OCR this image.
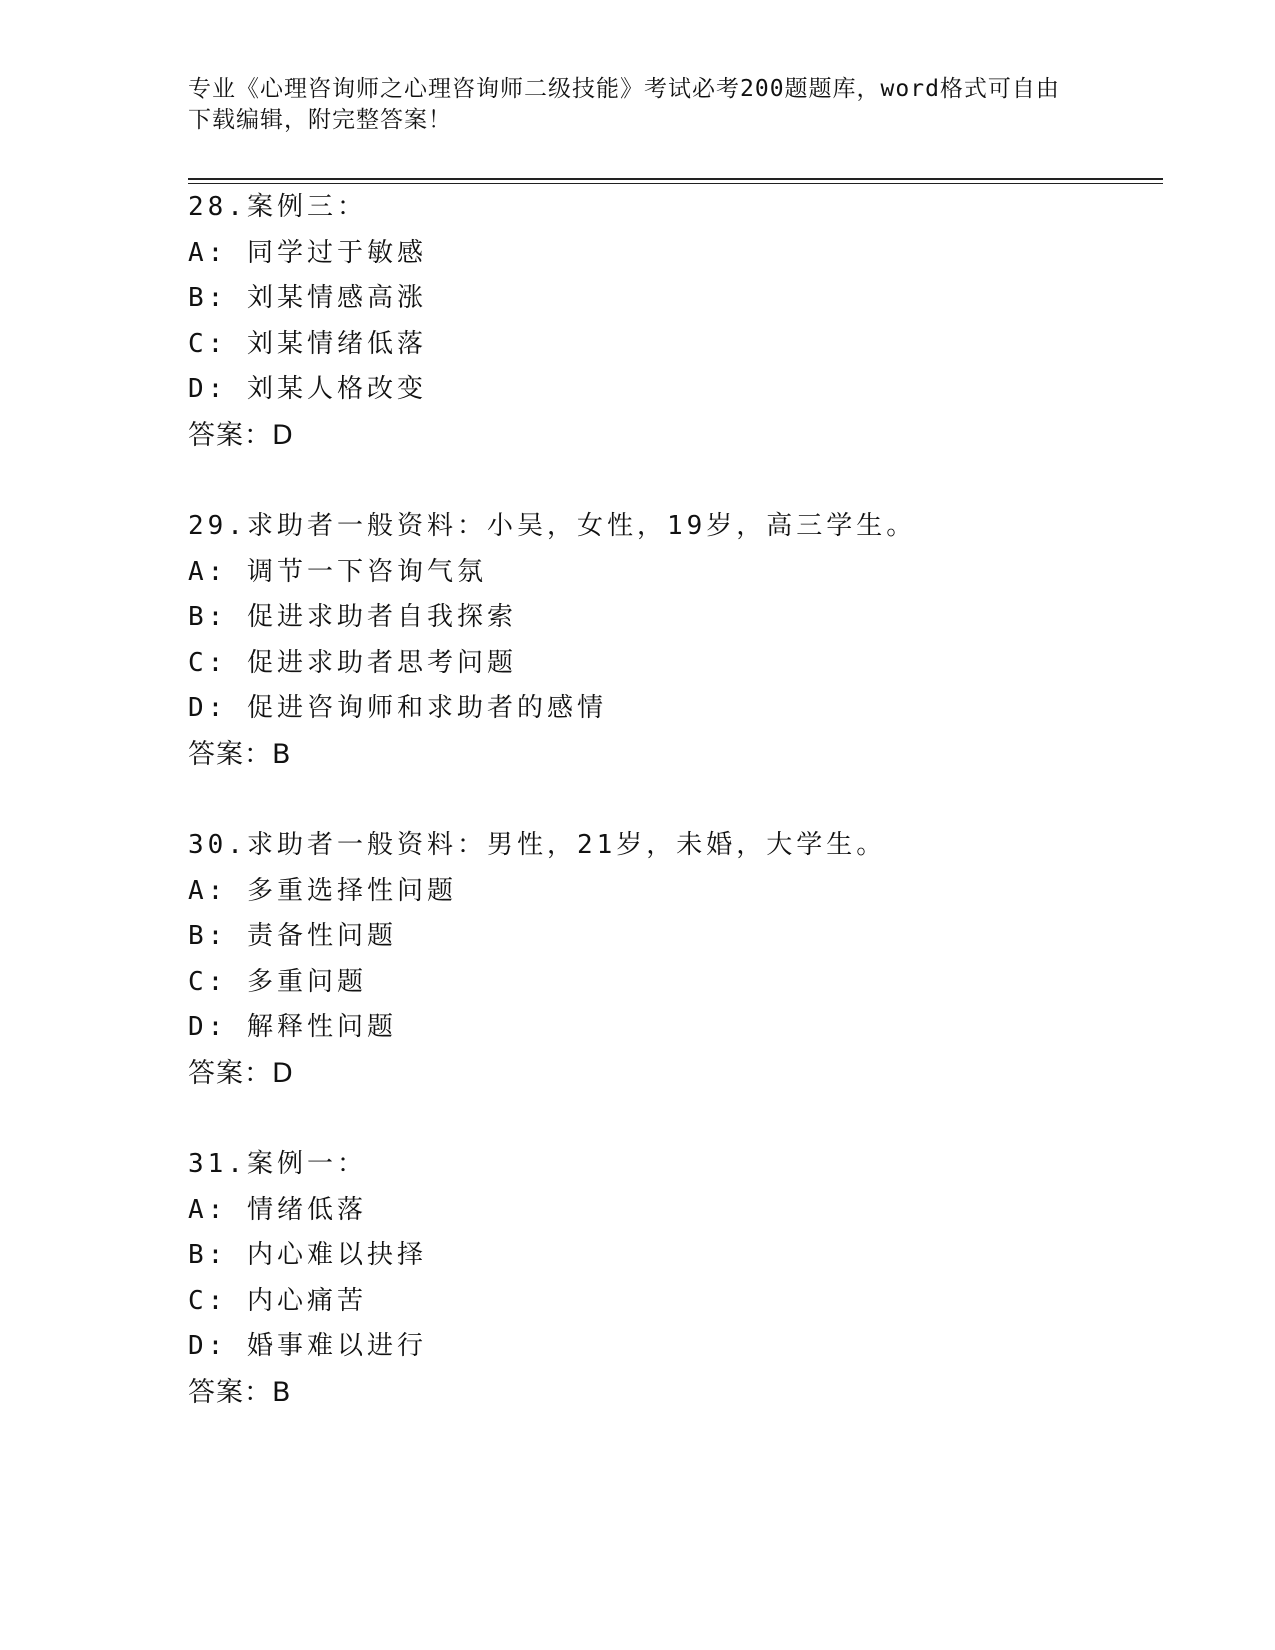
专业《心理咨询师之心理咨询师二级技能》考试必考200题题库，word格式可自由下载编辑，附完整答案！
28.案例三：
A: 同学过于敏感
B: 刘某情感高涨
C: 刘某情绪低落
D: 刘某人格改变
答案：D
29.求助者一般资料：小吴，女性，19岁，高三学生。
A: 调节一下咨询气氛
B: 促进求助者自我探索
C: 促进求助者思考问题
D: 促进咨询师和求助者的感情
答案：B
30.求助者一般资料：男性，21岁，未婚，大学生。
A: 多重选择性问题
B: 责备性问题
C: 多重问题
D: 解释性问题
答案：D
31.案例一：
A: 情绪低落
B: 内心难以抉择
C: 内心痛苦
D: 婚事难以进行
答案：B
